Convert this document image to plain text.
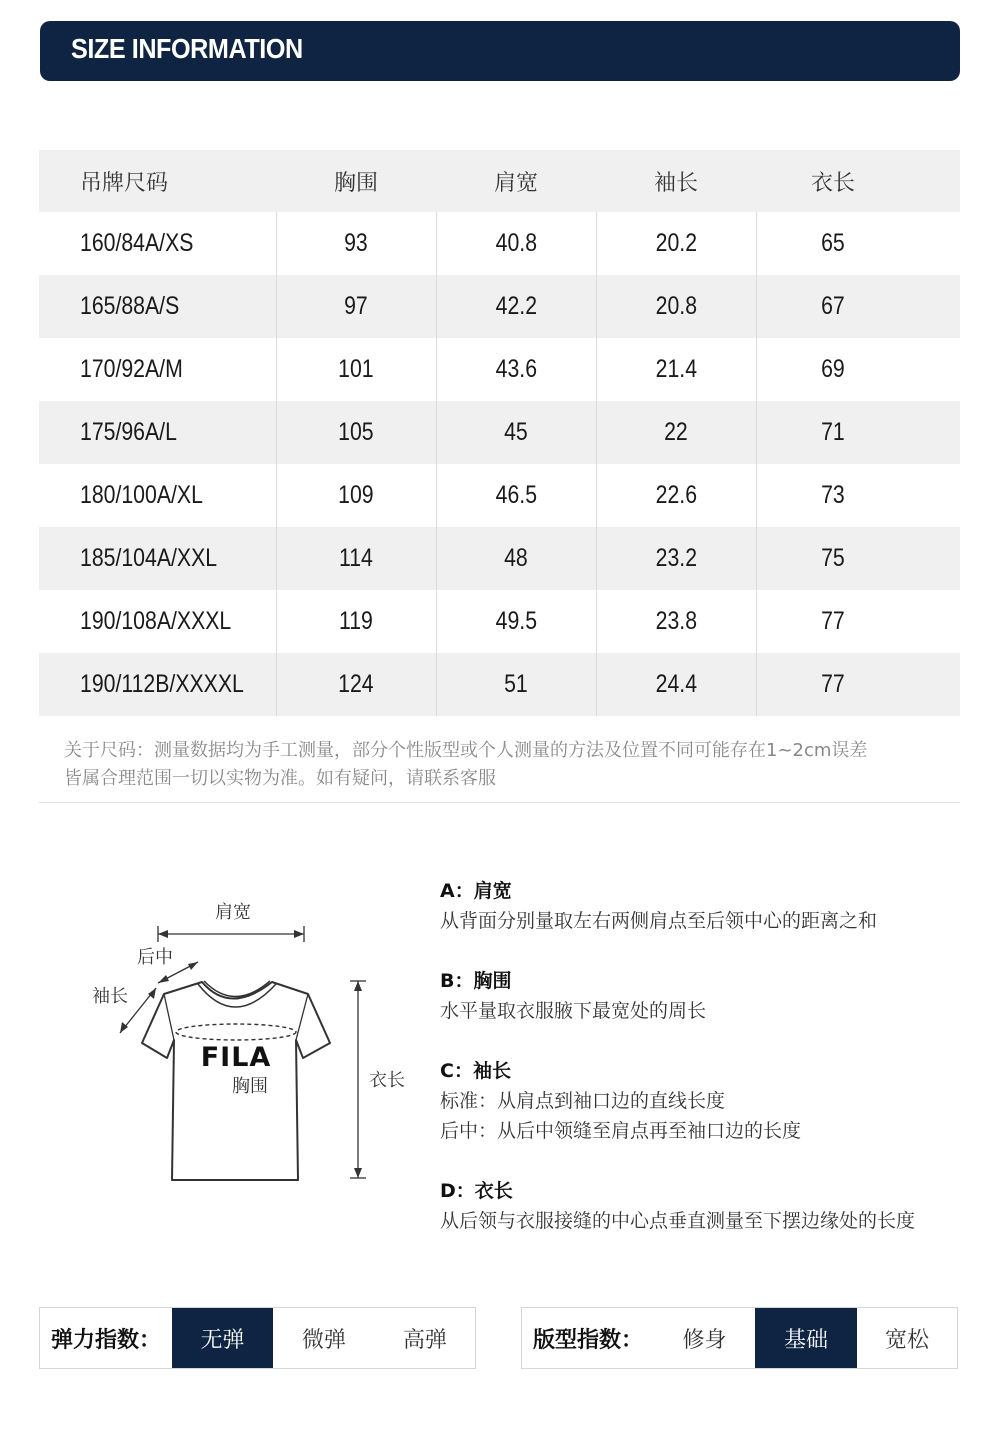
SIZE INFORMATION
吊牌尺码	胸围	肩宽	袖长	衣长
160/84A/XS	93	40.8	20.2	65
165/88A/S	97	42.2	20.8	67
170/92A/M	101	43.6	21.4	69
175/96A/L	105	45	22	71
180/100A/XL	109	46.5	22.6	73
185/104A/XXL	114	48	23.2	75
190/108A/XXXL	119	49.5	23.8	77
190/112B/XXXXL	124	51	24.4	77
关于尺码：测量数据均为手工测量，部分个性版型或个人测量的方法及位置不同可能存在1~2cm误差
皆属合理范围一切以实物为准。如有疑问，请联系客服
肩宽
后中
袖长
FILA
胸围	衣长
A：肩宽
从背面分别量取左右两侧肩点至后领中心的距离之和
B：胸围
水平量取衣服腋下最宽处的周长
C：袖长
标准：从肩点到袖口边的直线长度
后中：从后中领缝至肩点再至袖口边的长度
D：衣长
从后领与衣服接缝的中心点垂直测量至下摆边缘处的长度
弹力指数：	无弹	微弹	高弹	版型指数：	修身	基础	宽松
